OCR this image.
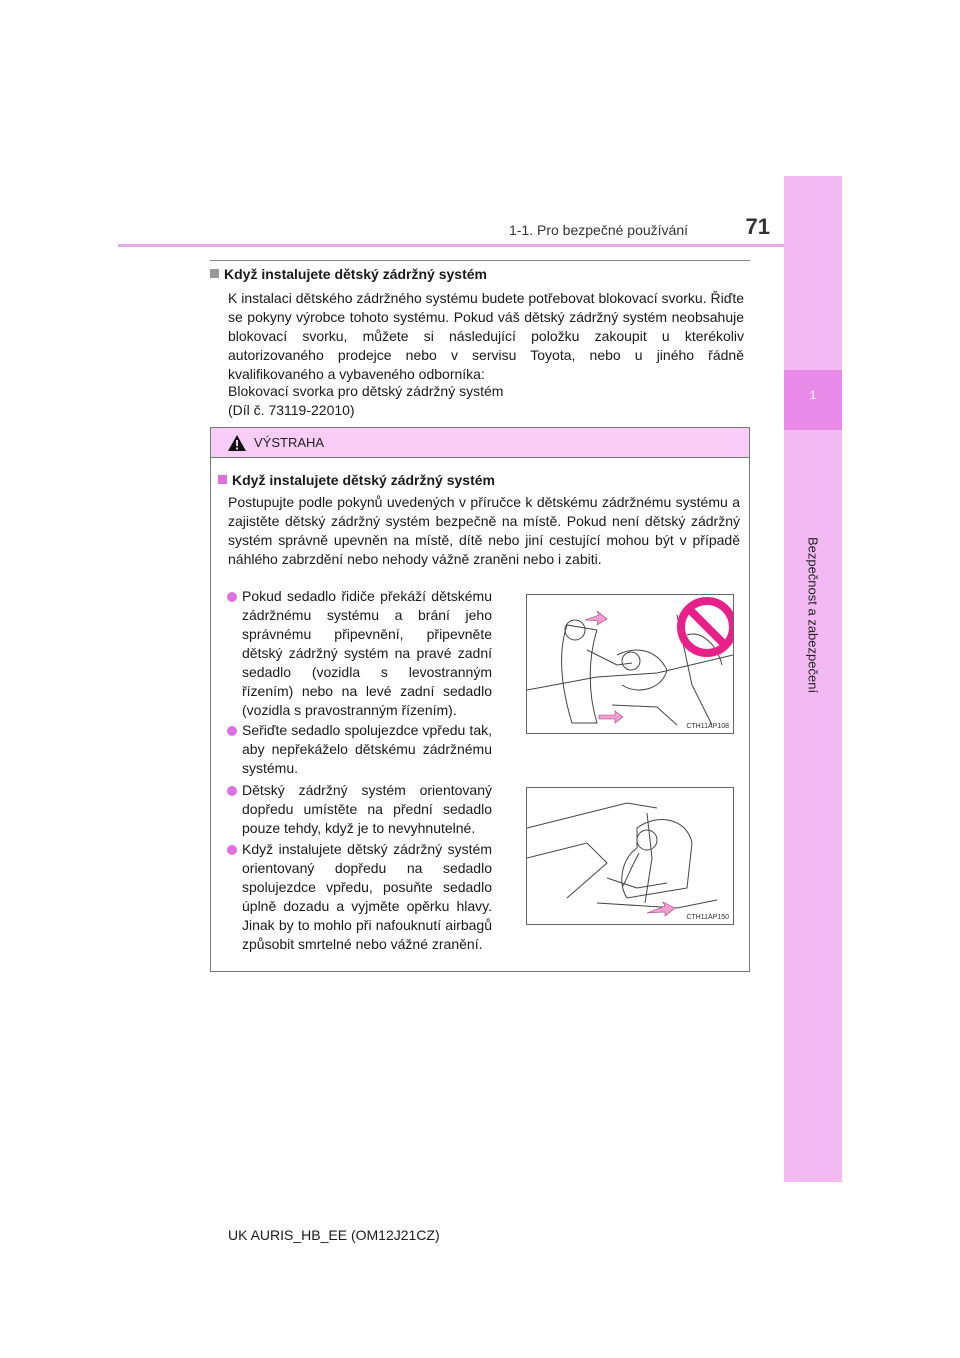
1-1. Pro bezpečné používání	71
1
Bezpečnost a zabezpečení
Když instalujete dětský zádržný systém
K instalaci dětského zádržného systému budete potřebovat blokovací svorku. Řiďte se pokyny výrobce tohoto systému. Pokud váš dětský zádržný systém neobsahuje blokovací svorku, můžete si následující položku zakoupit u kterékoliv autorizovaného prodejce nebo v servisu Toyota, nebo u jiného řádně kvalifikovaného a vybaveného odborníka:
Blokovací svorka pro dětský zádržný systém
(Díl č. 73119-22010)
VÝSTRAHA
Když instalujete dětský zádržný systém
Postupujte podle pokynů uvedených v příručce k dětskému zádržnému systému a zajistěte dětský zádržný systém bezpečně na místě. Pokud není dětský zádržný systém správně upevněn na místě, dítě nebo jiní cestující mohou být v případě náhlého zabrzdění nebo nehody vážně zraněni nebo i zabiti.
Pokud sedadlo řidiče překáží dětskému zádržnému systému a brání jeho správnému připevnění, připevněte dětský zádržný systém na pravé zadní sedadlo (vozidla s levostranným řízením) nebo na levé zadní sedadlo (vozidla s pravostranným řízením).
Seřiďte sedadlo spolujezdce vpředu tak, aby nepřekáželo dětskému zádržnému systému.
Dětský zádržný systém orientovaný dopředu umístěte na přední sedadlo pouze tehdy, když je to nevyhnutelné.
Když instalujete dětský zádržný systém orientovaný dopředu na sedadlo spolujezdce vpředu, posuňte sedadlo úplně dozadu a vyjměte opěrku hlavy. Jinak by to mohlo při nafouknutí airbagů způsobit smrtelné nebo vážné zranění.
CTH11AP108
CTH11AP150
UK AURIS_HB_EE (OM12J21CZ)
